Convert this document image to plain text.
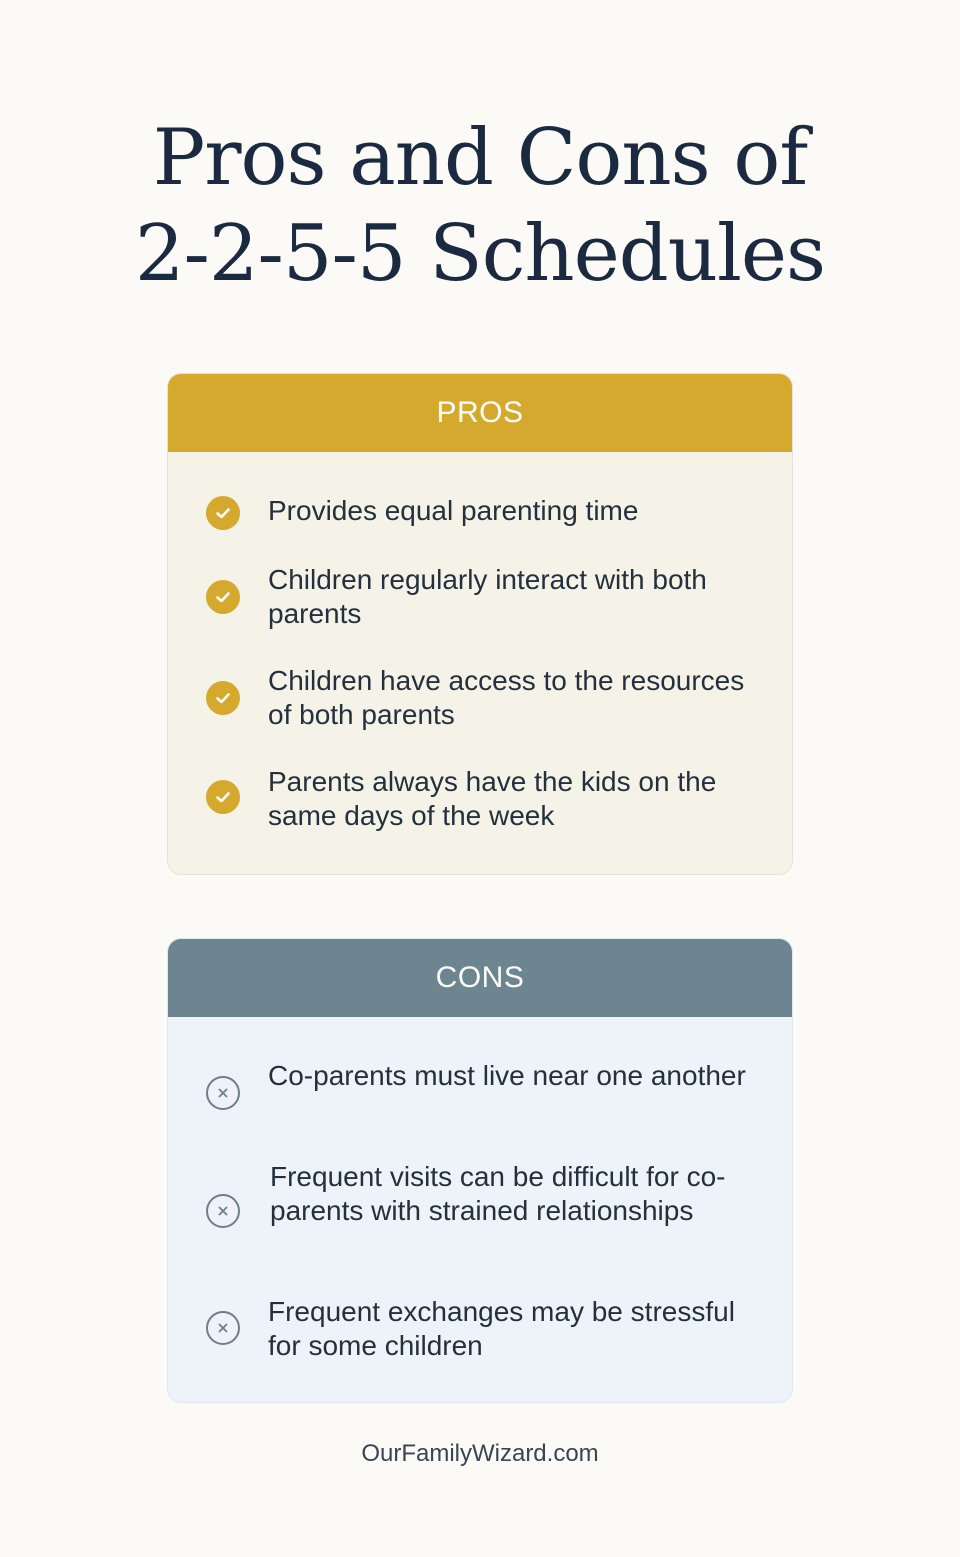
Pros and Cons of
2-2-5-5 Schedules
PROS
Provides equal parenting time
Children regularly interact with both parents
Children have access to the resources of both parents
Parents always have the kids on the same days of the week
CONS
Co-parents must live near one another
Frequent visits can be difficult for co-parents with strained relationships
Frequent exchanges may be stressful for some children
OurFamilyWizard.com
